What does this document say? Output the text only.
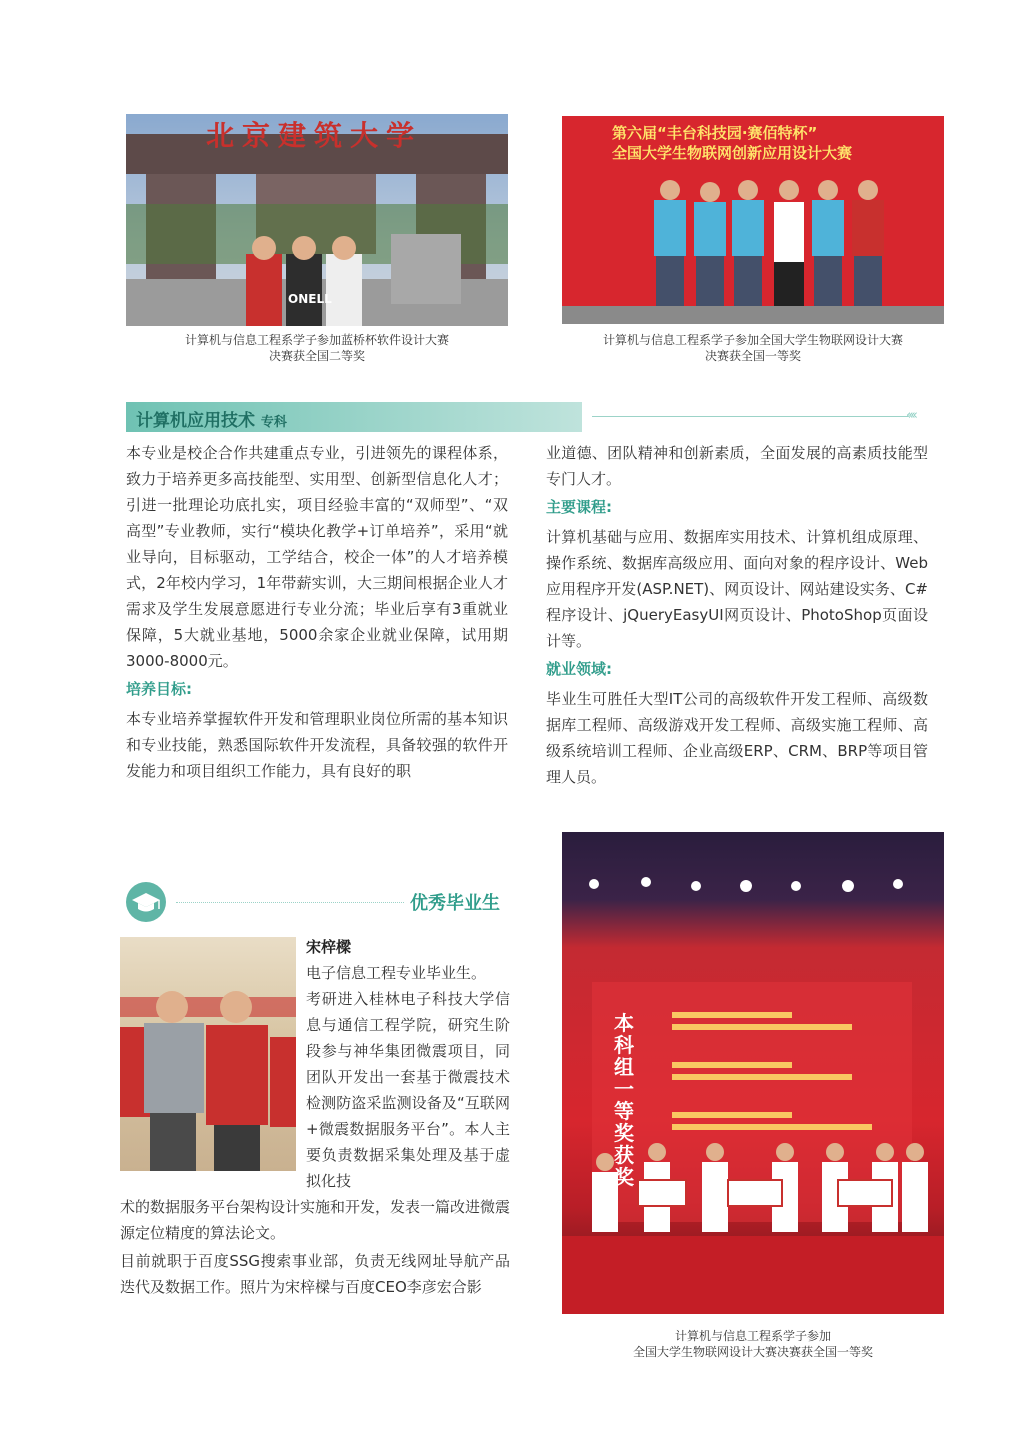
北京建筑大学
ONELL
计算机与信息工程系学子参加蓝桥杯软件设计大赛
决赛获全国二等奖
第六届“丰台科技园·赛佰特杯”
全国大学生物联网创新应用设计大赛
计算机与信息工程系学子参加全国大学生物联网设计大赛
决赛获全国一等奖
计算机应用技术 专科	‹‹‹‹

本专业是校企合作共建重点专业，引进领先的课程体系，致力于培养更多高技能型、实用型、创新型信息化人才；引进一批理论功底扎实，项目经验丰富的“双师型”、“双高型”专业教师，实行“模块化教学+订单培养”，采用“就业导向，目标驱动，工学结合，校企一体”的人才培养模式，2年校内学习，1年带薪实训，大三期间根据企业人才需求及学生发展意愿进行专业分流；毕业后享有3重就业保障，5大就业基地，5000余家企业就业保障，试用期3000-8000元。

培养目标:

本专业培养掌握软件开发和管理职业岗位所需的基本知识和专业技能，熟悉国际软件开发流程，具备较强的软件开发能力和项目组织工作能力，具有良好的职

业道德、团队精神和创新素质，全面发展的高素质技能型专门人才。

主要课程:

计算机基础与应用、数据库实用技术、计算机组成原理、操作系统、数据库高级应用、面向对象的程序设计、Web应用程序开发(ASP.NET)、网页设计、网站建设实务、C#程序设计、jQueryEasyUI网页设计、PhotoShop页面设计等。

就业领域:

毕业生可胜任大型IT公司的高级软件开发工程师、高级数据库工程师、高级游戏开发工程师、高级实施工程师、高级系统培训工程师、企业高级ERP、CRM、BRP等项目管理人员。

优秀毕业生
宋梓樑

电子信息工程专业毕业生。

考研进入桂林电子科技大学信息与通信工程学院，研究生阶段参与神华集团微震项目，同团队开发出一套基于微震技术检测防盗采监测设备及“互联网+微震数据服务平台”。本人主要负责数据采集处理及基于虚拟化技

术的数据服务平台架构设计实施和开发，发表一篇改进微震源定位精度的算法论文。

目前就职于百度SSG搜索事业部，负责无线网址导航产品迭代及数据工作。照片为宋梓樑与百度CEO李彦宏合影

本科组一等奖获奖
计算机与信息工程系学子参加
全国大学生物联网设计大赛决赛获全国一等奖
